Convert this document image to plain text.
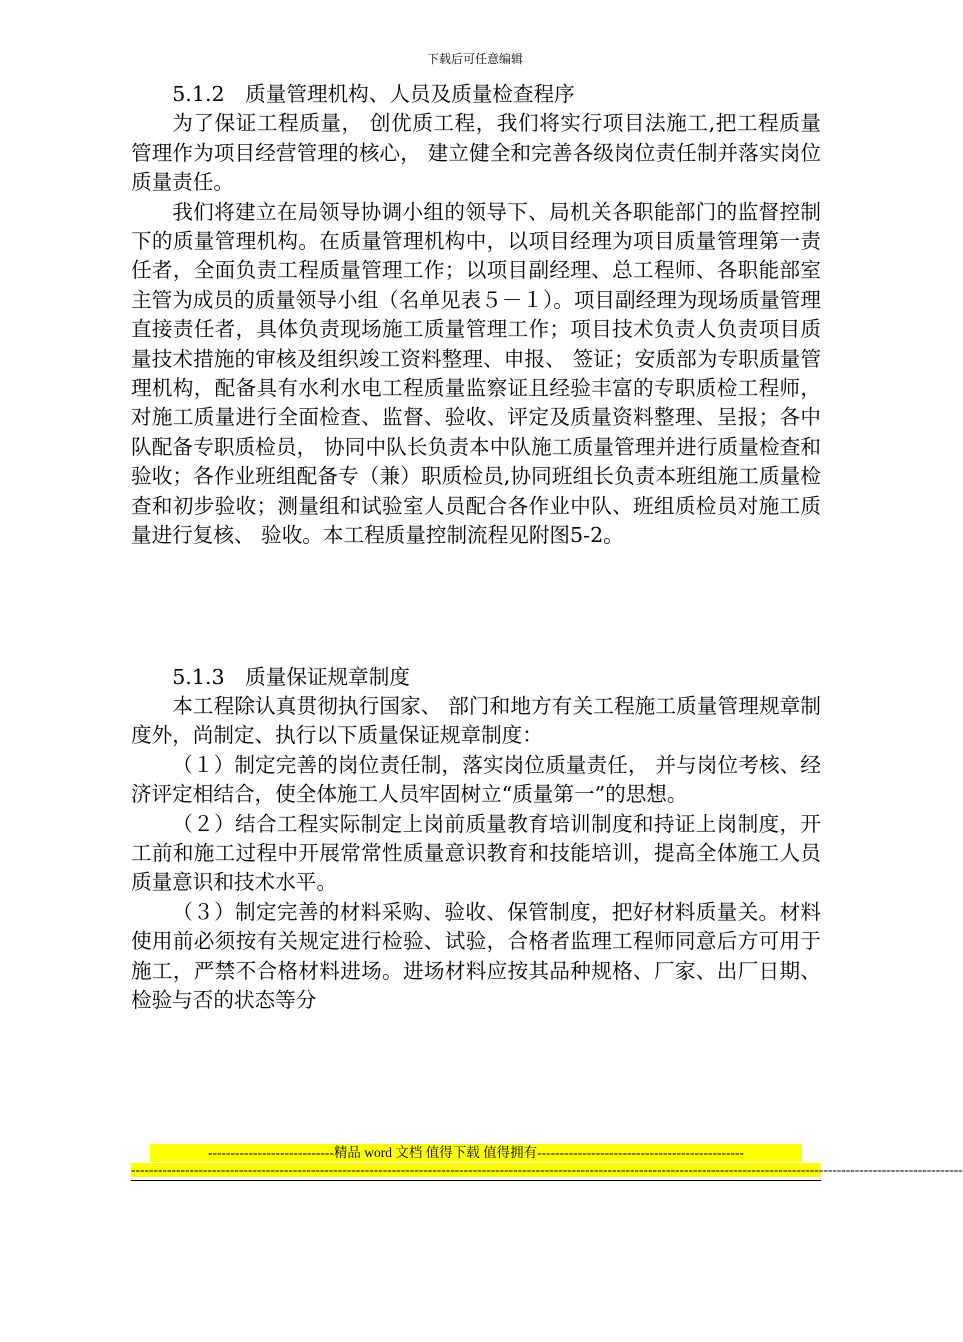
下载后可任意编辑

5.1.2　质量管理机构、人员及质量检查程序

为了保证工程质量， 创优质工程，我们将实行项目法施工,把工程质量管理作为项目经营管理的核心， 建立健全和完善各级岗位责任制并落实岗位质量责任。

我们将建立在局领导协调小组的领导下、局机关各职能部门的监督控制下的质量管理机构。在质量管理机构中，以项目经理为项目质量管理第一责任者，全面负责工程质量管理工作；以项目副经理、总工程师、各职能部室主管为成员的质量领导小组（名单见表５－１）。项目副经理为现场质量管理直接责任者，具体负责现场施工质量管理工作；项目技术负责人负责项目质量技术措施的审核及组织竣工资料整理、申报、 签证；安质部为专职质量管理机构，配备具有水利水电工程质量监察证且经验丰富的专职质检工程师，对施工质量进行全面检查、监督、验收、评定及质量资料整理、呈报；各中队配备专职质检员， 协同中队长负责本中队施工质量管理并进行质量检查和验收；各作业班组配备专（兼）职质检员,协同班组长负责本班组施工质量检查和初步验收；测量组和试验室人员配合各作业中队、班组质检员对施工质量进行复核、 验收。本工程质量控制流程见附图5-2。

5.1.3　质量保证规章制度

本工程除认真贯彻执行国家、 部门和地方有关工程施工质量管理规章制度外，尚制定、执行以下质量保证规章制度：

（１）制定完善的岗位责任制，落实岗位质量责任， 并与岗位考核、经济评定相结合，使全体施工人员牢固树立“质量第一”的思想。

（２）结合工程实际制定上岗前质量教育培训制度和持证上岗制度，开工前和施工过程中开展常常性质量意识教育和技能培训，提高全体施工人员质量意识和技术水平。

（３）制定完善的材料采购、验收、保管制度，把好材料质量关。材料使用前必须按有关规定进行检验、试验，合格者监理工程师同意后方可用于施工，严禁不合格材料进场。进场材料应按其品种规格、厂家、出厂日期、检验与否的状态等分

----------------------------精品 word 文档 值得下载 值得拥有----------------------------------------------
-----------------------------------------------------------------------------------------------------------------------------------------------------------------------------------------
